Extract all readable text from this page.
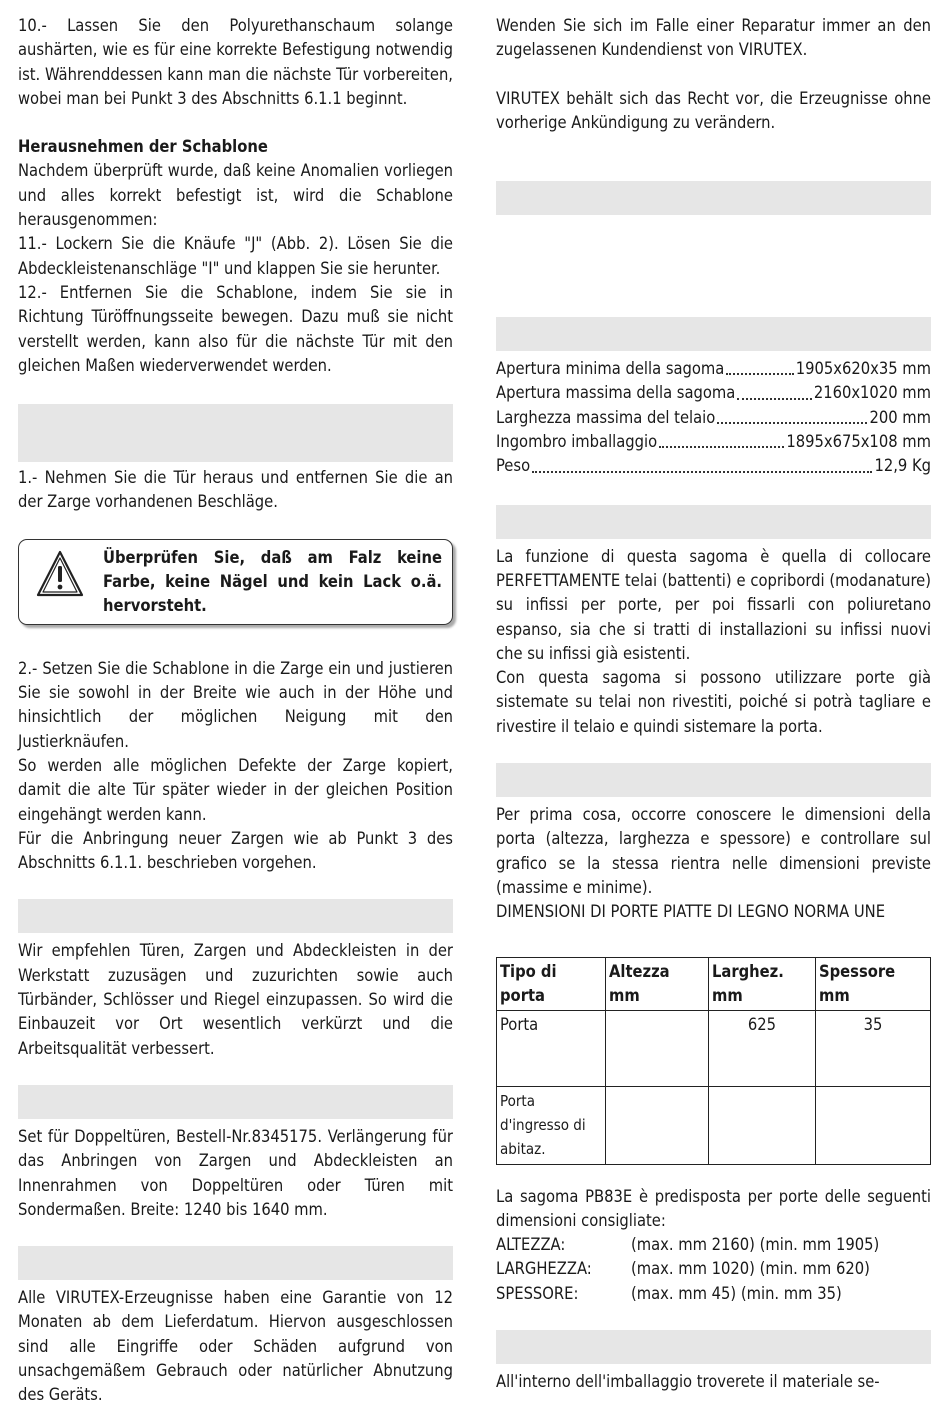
10.- Lassen Sie den Polyurethanschaum solange aushärten, wie es für eine korrekte Befestigung notwendig ist. Währenddessen kann man die nächste Tür vorbereiten, wobei man bei Punkt 3 des Abschnitts 6.1.1 beginnt.

Herausnehmen der Schablone

Nachdem überprüft wurde, daß keine Anomalien vorliegen und alles korrekt befestigt ist, wird die Schablone herausgenommen:

11.- Lockern Sie die Knäufe "J" (Abb. 2). Lösen Sie die Abdeckleistenanschläge "I" und klappen Sie sie herunter.

12.- Entfernen Sie die Schablone, indem Sie sie in Richtung Türöffnungsseite bewegen. Dazu muß sie nicht verstellt werden, kann also für die nächste Tür mit den gleichen Maßen wiederverwendet werden.

1.- Nehmen Sie die Tür heraus und entfernen Sie die an der Zarge vorhandenen Beschläge.

Überprüfen Sie, daß am Falz keine Farbe, keine Nägel und kein Lack o.ä. hervorsteht.

2.- Setzen Sie die Schablone in die Zarge ein und justieren Sie sie sowohl in der Breite wie auch in der Höhe und hinsichtlich der möglichen Neigung mit den Justierknäufen.

So werden alle möglichen Defekte der Zarge kopiert, damit die alte Tür später wieder in der gleichen Position eingehängt werden kann.

Für die Anbringung neuer Zargen wie ab Punkt 3 des Abschnitts 6.1.1. beschrieben vorgehen.

Wir empfehlen Türen, Zargen und Abdeckleisten in der Werkstatt zuzusägen und zuzurichten sowie auch Türbänder, Schlösser und Riegel einzupassen. So wird die Einbauzeit vor Ort wesentlich verkürzt und die Arbeitsqualität verbessert.

Set für Doppeltüren, Bestell-Nr.8345175. Verlängerung für das Anbringen von Zargen und Abdeckleisten an Innenrahmen von Doppeltüren oder Türen mit Sondermaßen. Breite: 1240 bis 1640 mm.

Alle VIRUTEX-Erzeugnisse haben eine Garantie von 12 Monaten ab dem Lieferdatum. Hiervon ausgeschlossen sind alle Eingriffe oder Schäden aufgrund von unsachgemäßem Gebrauch oder natürlicher Abnutzung des Geräts.

Wenden Sie sich im Falle einer Reparatur immer an den zugelassenen Kundendienst von VIRUTEX.

VIRUTEX behält sich das Recht vor, die Erzeugnisse ohne vorherige Ankündigung zu verändern.

Apertura minima della sagoma	1905x620x35 mm
Apertura massima della sagoma	2160x1020 mm
Larghezza massima del telaio	200 mm
Ingombro imballaggio	1895x675x108 mm
Peso	12,9 Kg

La funzione di questa sagoma è quella di collocare PERFETTAMENTE telai (battenti) e copribordi (modanature) su infissi per porte, per poi fissarli con poliuretano espanso, sia che si tratti di installazioni su infissi nuovi che su infissi già esistenti.

Con questa sagoma si possono utilizzare porte già sistemate su telai non rivestiti, poiché si potrà tagliare e rivestire il telaio e quindi sistemare la porta.

Per prima cosa, occorre conoscere le dimensioni della porta (altezza, larghezza e spessore) e controllare sul grafico se la stessa rientra nelle dimensioni previste (massime e minime).

DIMENSIONI DI PORTE PIATTE DI LEGNO NORMA UNE

Tipo di porta	Altezza mm	Larghez. mm	Spessore mm
Porta		625	35
Porta d'ingresso di abitaz.			

La sagoma PB83E è predisposta per porte delle seguenti dimensioni consigliate:

ALTEZZA:	(max. mm 2160) (min. mm 1905)
LARGHEZZA:	(max. mm 1020) (min. mm 620)
SPESSORE:	(max. mm 45) (min. mm 35)

All'interno dell'imballaggio troverete il materiale se-
